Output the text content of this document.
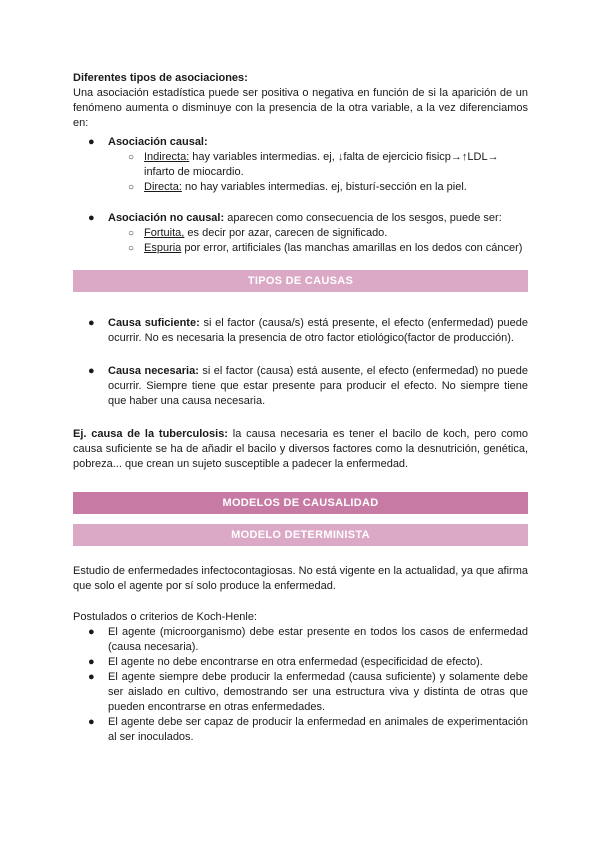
Diferentes tipos de asociaciones:

Una asociación estadística puede ser positiva o negativa en función de si la aparición de un fenómeno aumenta o disminuye con la presencia de la otra variable, a la vez diferenciamos en:

● Asociación causal:
○ Indirecta: hay variables intermedias. ej, ↓falta de ejercicio fisicp→↑LDL→ infarto de miocardio.
○ Directa: no hay variables intermedias. ej, bisturí-sección en la piel.
● Asociación no causal: aparecen como consecuencia de los sesgos, puede ser:
○ Fortuita, es decir por azar, carecen de significado.
○ Espuria por error, artificiales (las manchas amarillas en los dedos con cáncer)
TIPOS DE CAUSAS
● Causa suficiente: si el factor (causa/s) está presente, el efecto (enfermedad) puede ocurrir. No es necesaria la presencia de otro factor etiológico(factor de producción).
● Causa necesaria: si el factor (causa) está ausente, el efecto (enfermedad) no puede ocurrir. Siempre tiene que estar presente para producir el efecto. No siempre tiene que haber una causa necesaria.

Ej. causa de la tuberculosis: la causa necesaria es tener el bacilo de koch, pero como causa suficiente se ha de añadir el bacilo y diversos factores como la desnutrición, genética, pobreza... que crean un sujeto susceptible a padecer la enfermedad.

MODELOS DE CAUSALIDAD
MODELO DETERMINISTA

Estudio de enfermedades infectocontagiosas. No está vigente en la actualidad, ya que afirma que solo el agente por sí solo produce la enfermedad.

Postulados o criterios de Koch-Henle:

● El agente (microorganismo) debe estar presente en todos los casos de enfermedad (causa necesaria).
● El agente no debe encontrarse en otra enfermedad (especificidad de efecto).
● El agente siempre debe producir la enfermedad (causa suficiente) y solamente debe ser aislado en cultivo, demostrando ser una estructura viva y distinta de otras que pueden encontrarse en otras enfermedades.
● El agente debe ser capaz de producir la enfermedad en animales de experimentación al ser inoculados.
